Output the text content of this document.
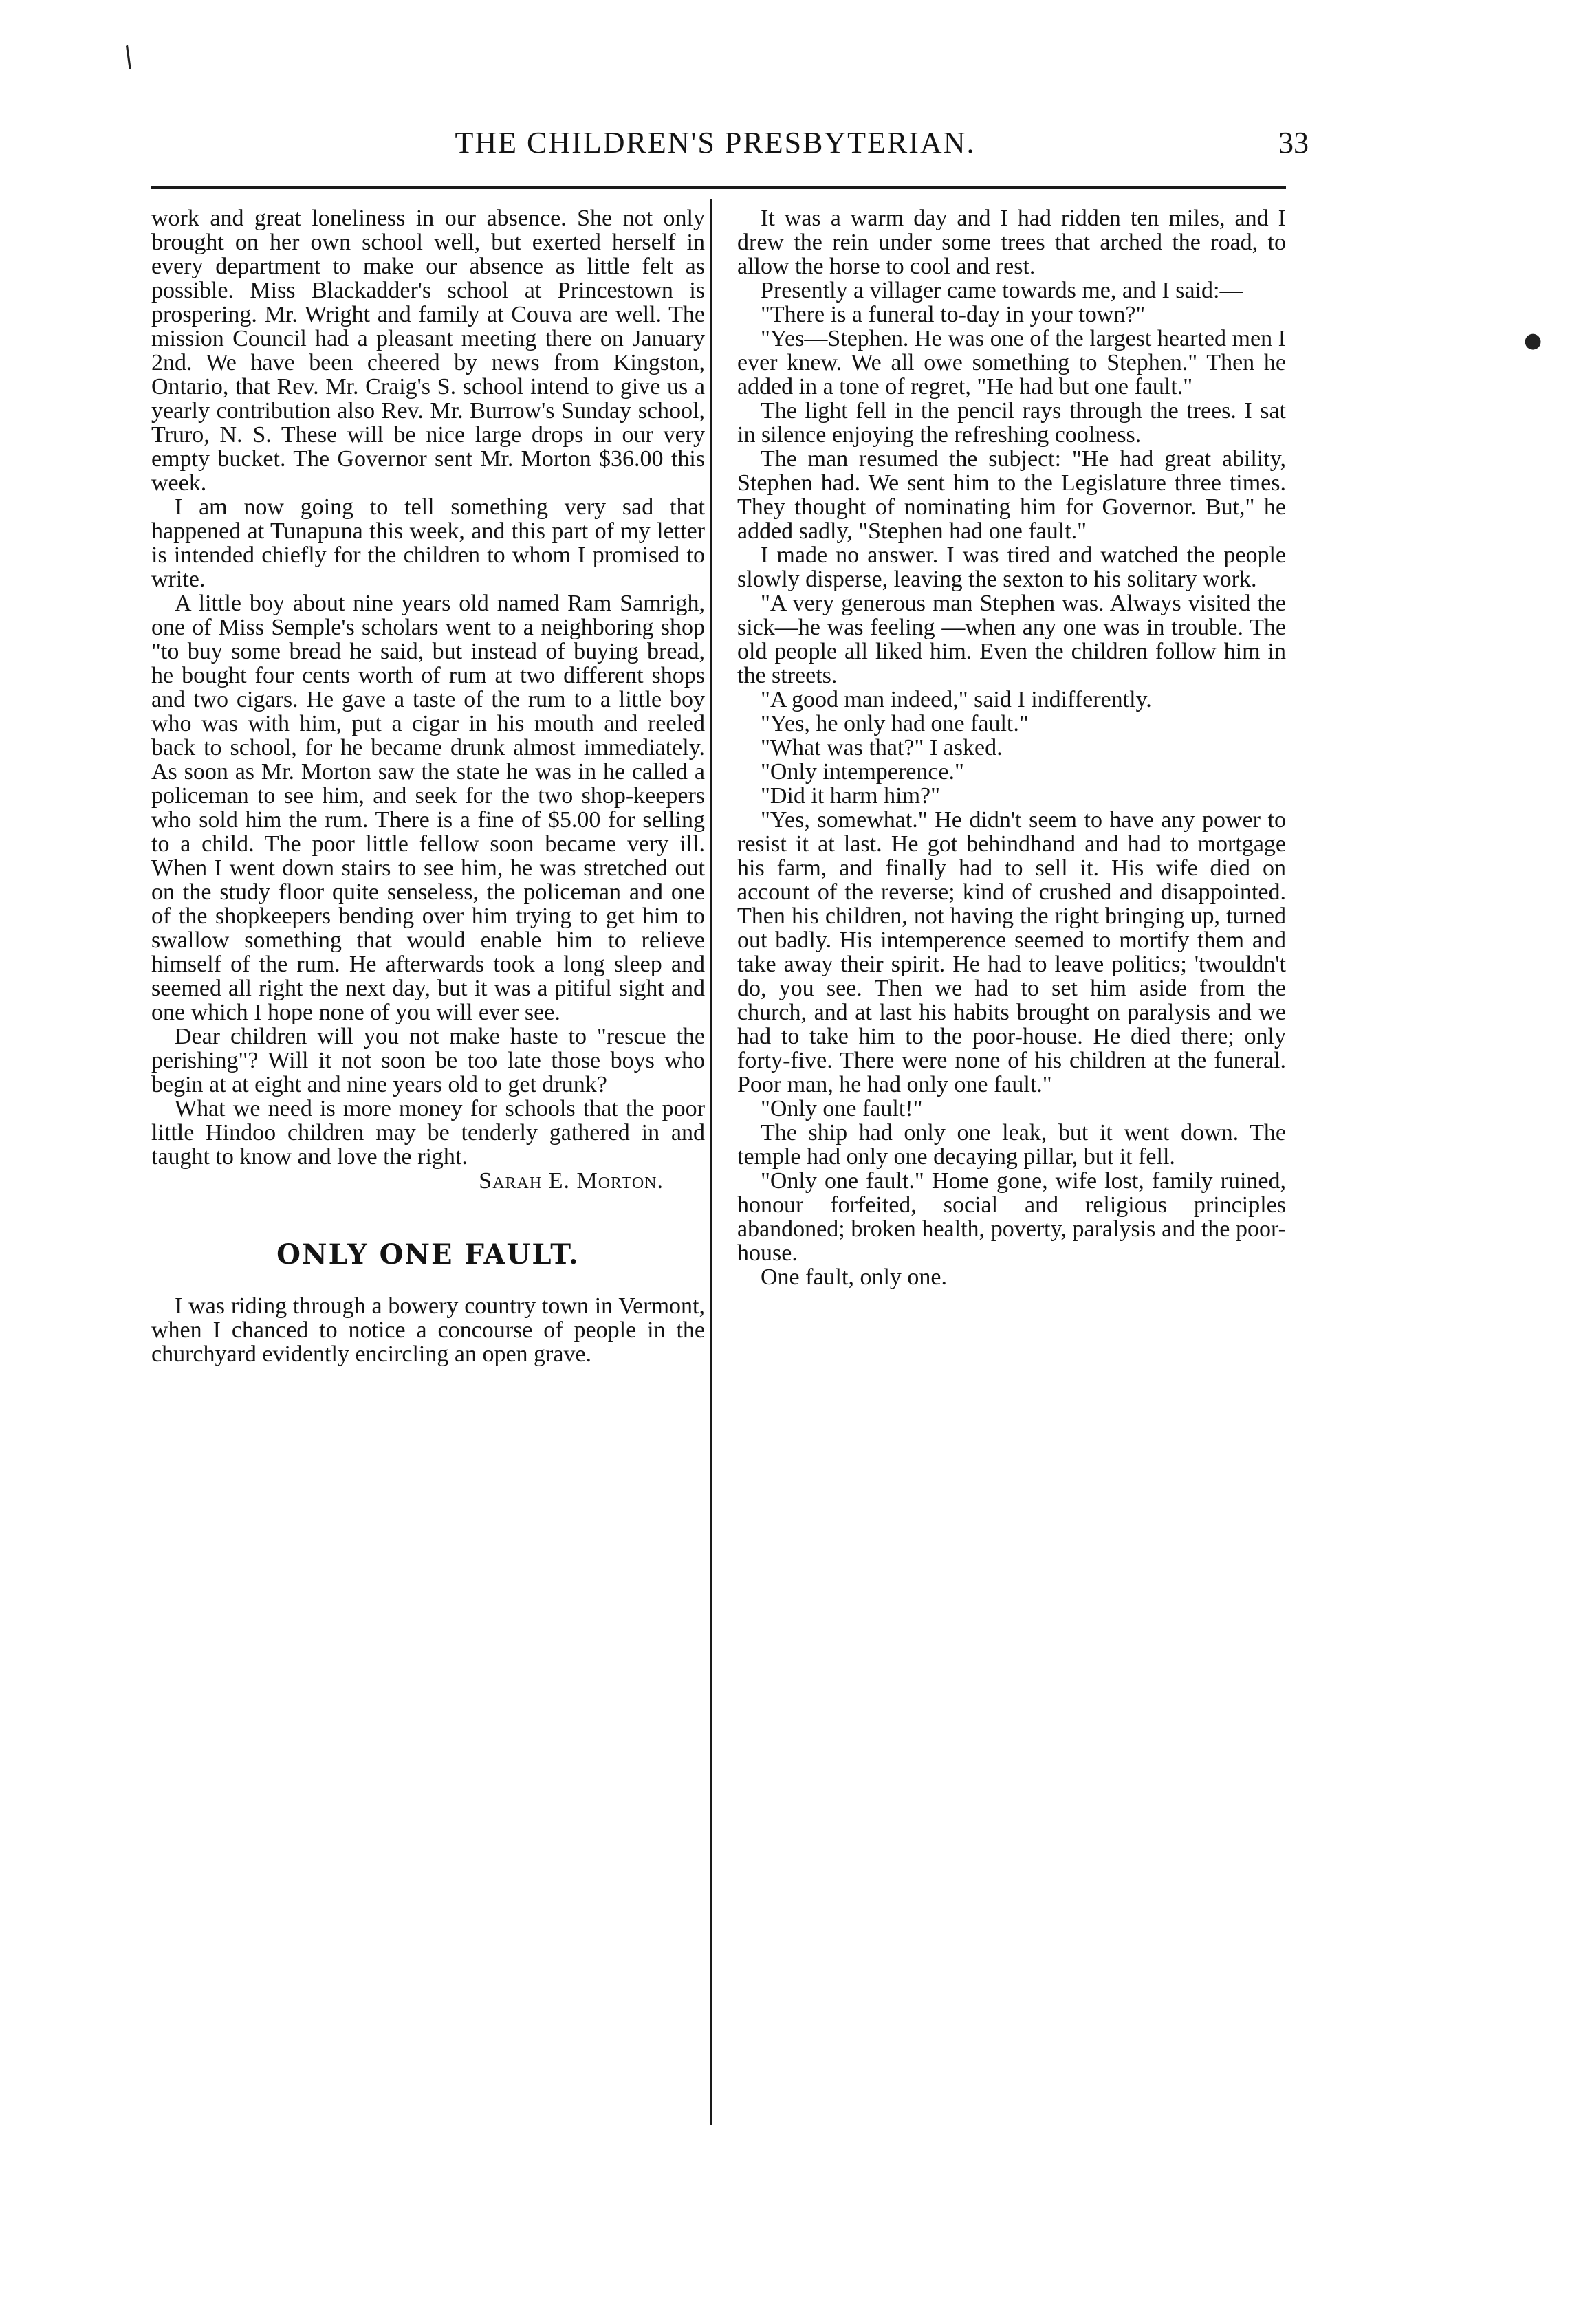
THE CHILDREN'S PRESBYTERIAN.	33
/
●

work and great loneliness in our absence. She not only brought on her own school well, but exerted herself in every department to make our absence as little felt as possible. Miss Blackadder's school at Princestown is prospering. Mr. Wright and family at Couva are well. The mission Council had a pleasant meeting there on January 2nd. We have been cheered by news from Kingston, Ontario, that Rev. Mr. Craig's S. school intend to give us a yearly contribution also Rev. Mr. Burrow's Sunday school, Truro, N. S. These will be nice large drops in our very empty bucket. The Governor sent Mr. Morton $36.00 this week.

I am now going to tell something very sad that happened at Tunapuna this week, and this part of my letter is intended chiefly for the children to whom I promised to write.

A little boy about nine years old named Ram Samrigh, one of Miss Semple's scholars went to a neighboring shop "to buy some bread he said, but instead of buying bread, he bought four cents worth of rum at two different shops and two cigars. He gave a taste of the rum to a little boy who was with him, put a cigar in his mouth and reeled back to school, for he became drunk almost immediately. As soon as Mr. Morton saw the state he was in he called a policeman to see him, and seek for the two shop-keepers who sold him the rum. There is a fine of $5.00 for selling to a child. The poor little fellow soon became very ill. When I went down stairs to see him, he was stretched out on the study floor quite senseless, the policeman and one of the shopkeepers bending over him trying to get him to swallow something that would enable him to relieve himself of the rum. He afterwards took a long sleep and seemed all right the next day, but it was a pitiful sight and one which I hope none of you will ever see.

Dear children will you not make haste to "rescue the perishing"? Will it not soon be too late those boys who begin at at eight and nine years old to get drunk?

What we need is more money for schools that the poor little Hindoo children may be tenderly gathered in and taught to know and love the right.

Sarah E. Morton.

ONLY ONE FAULT.

I was riding through a bowery country town in Vermont, when I chanced to notice a concourse of people in the churchyard evidently encircling an open grave.

It was a warm day and I had ridden ten miles, and I drew the rein under some trees that arched the road, to allow the horse to cool and rest.

Presently a villager came towards me, and I said:—

"There is a funeral to-day in your town?"

"Yes—Stephen. He was one of the largest hearted men I ever knew. We all owe something to Stephen." Then he added in a tone of regret, "He had but one fault."

The light fell in the pencil rays through the trees. I sat in silence enjoying the refreshing coolness.

The man resumed the subject: "He had great ability, Stephen had. We sent him to the Legislature three times. They thought of nominating him for Governor. But," he added sadly, "Stephen had one fault."

I made no answer. I was tired and watched the people slowly disperse, leaving the sexton to his solitary work.

"A very generous man Stephen was. Always visited the sick—he was feeling —when any one was in trouble. The old people all liked him. Even the children follow him in the streets.

"A good man indeed," said I indifferently.

"Yes, he only had one fault."

"What was that?" I asked.

"Only intemperence."

"Did it harm him?"

"Yes, somewhat." He didn't seem to have any power to resist it at last. He got behindhand and had to mortgage his farm, and finally had to sell it. His wife died on account of the reverse; kind of crushed and disappointed. Then his children, not having the right bringing up, turned out badly. His intemperence seemed to mortify them and take away their spirit. He had to leave politics; 'twouldn't do, you see. Then we had to set him aside from the church, and at last his habits brought on paralysis and we had to take him to the poor-house. He died there; only forty-five. There were none of his children at the funeral. Poor man, he had only one fault."

"Only one fault!"

The ship had only one leak, but it went down. The temple had only one decaying pillar, but it fell.

"Only one fault." Home gone, wife lost, family ruined, honour forfeited, social and religious principles abandoned; broken health, poverty, paralysis and the poor-house.

One fault, only one.
